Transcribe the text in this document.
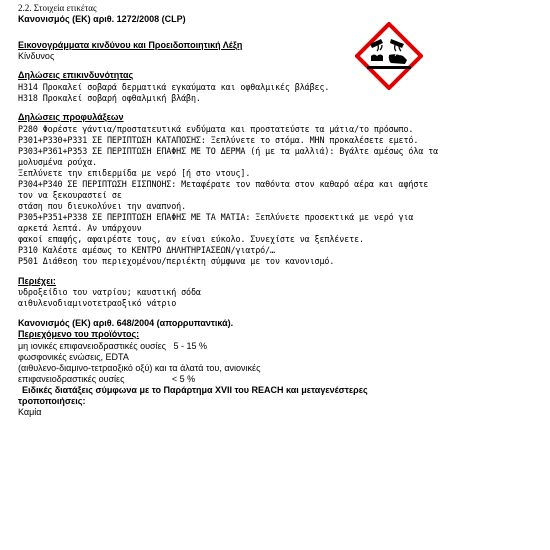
2.2. Στοιχεία ετικέτας
Κανονισμός (ΕΚ) αριθ. 1272/2008 (CLP)
Εικονογράμματα κινδύνου και Προειδοποιητική Λέξη
Κίνδυνος
Δηλώσεις επικινδυνότητας
H314 Προκαλεί σοβαρά δερματικά εγκαύματα και οφθαλμικές βλάβες.
H318 Προκαλεί σοβαρή οφθαλμική βλάβη.
Δηλώσεις προφυλάξεων
P280 Φορέστε γάντια/προστατευτικά ενδύματα και προστατεύστε τα μάτια/το πρόσωπο.
P301+P330+P331 ΣΕ ΠΕΡΙΠΤΩΣΗ ΚΑΤΑΠΟΣΗΣ: Ξεπλύνετε το στόμα. ΜΗΝ προκαλέσετε εμετό.
P303+P361+P353 ΣΕ ΠΕΡΙΠΤΩΣΗ ΕΠΑΦΗΣ ΜΕ ΤΟ ΔΕΡΜΑ (ή με τα μαλλιά): Βγάλτε αμέσως όλα τα
μολυσμένα ρούχα.
Ξεπλύνετε την επιδερμίδα με νερό [ή στο ντους].
P304+P340 ΣΕ ΠΕΡΙΠΤΩΣΗ ΕΙΣΠΝΟΗΣ: Μεταφέρατε τον παθόντα στον καθαρό αέρα και αφήστε
τον να ξεκουραστεί σε
στάση που διευκολύνει την αναπνοή.
P305+P351+P338 ΣΕ ΠΕΡΙΠΤΩΣΗ ΕΠΑΦΗΣ ΜΕ ΤΑ ΜΑΤΙΑ: Ξεπλύνετε προσεκτικά με νερό για
αρκετά λεπτά. Αν υπάρχουν
φακοί επαφής, αφαιρέστε τους, αν είναι εύκολο. Συνεχίστε να ξεπλένετε.
P310 Καλέστε αμέσως το ΚΕΝΤΡΟ ΔΗΛΗΤΗΡΙΑΣΕΩΝ/γιατρό/…
P501 Διάθεση του περιεχομένου/περιέκτη σύμφωνα με τον κανονισμό.
Περιέχει:
υδροξείδιο του νατρίου; καυστική σόδα
αιθυλενοδιαμινοτετραοξικό νάτριο
Κανονισμός (ΕΚ) αριθ. 648/2004 (απορρυπαντικά).
Περιεχόμενο του προϊόντος:
μη ιονικές επιφανειοδραστικές ουσίες   5 - 15 %
φωσφονικές ενώσεις, EDTA
(αιθυλενο-διαμινο-τετραοξικό οξύ) και τα άλατά του, ανιονικές
επιφανειοδραστικές ουσίες                   < 5 %
Ειδικές διατάξεις σύμφωνα με το Παράρτημα XVII του REACH και μεταγενέστερες
τροποποιήσεις:
Καμία
